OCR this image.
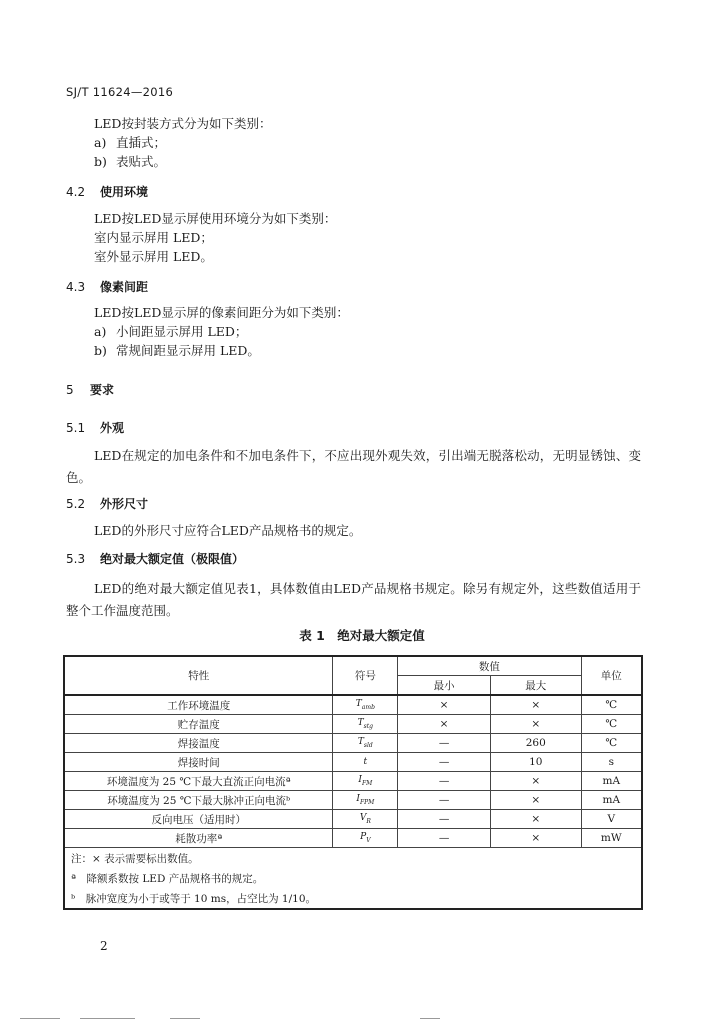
SJ/T 11624—2016
LED按封装方式分为如下类别：
a) 直插式；
b) 表贴式。
4.2 使用环境
LED按LED显示屏使用环境分为如下类别：
室内显示屏用 LED；
室外显示屏用 LED。
4.3 像素间距
LED按LED显示屏的像素间距分为如下类别：
a) 小间距显示屏用 LED；
b) 常规间距显示屏用 LED。
5 要求
5.1 外观
LED在规定的加电条件和不加电条件下，不应出现外观失效，引出端无脱落松动，无明显锈蚀、变色。
5.2 外形尺寸
LED的外形尺寸应符合LED产品规格书的规定。
5.3 绝对最大额定值（极限值）
LED的绝对最大额定值见表1，具体数值由LED产品规格书规定。除另有规定外，这些数值适用于整个工作温度范围。
表 1　绝对最大额定值
特性	符号	数值		单位
		最小	最大	
工作环境温度	$T_{amb}$	×	×	℃
贮存温度	$T_{stg}$	×	×	℃
焊接温度	$T_{sld}$	—	260	℃
焊接时间	t	—	10	s
环境温度为 25 ℃下最大直流正向电流ª	$I_{FM}$	—	×	mA
环境温度为 25 ℃下最大脉冲正向电流ᵇ	$I_{FPM}$	—	×	mA
反向电压（适用时）	$V_R$	—	×	V
耗散功率ª	$P_V$	—	×	mW
注：× 表示需要标出数值。				
ª　降额系数按 LED 产品规格书的规定。				
ᵇ　脉冲宽度为小于或等于 10 ms，占空比为 1/10。				
2
